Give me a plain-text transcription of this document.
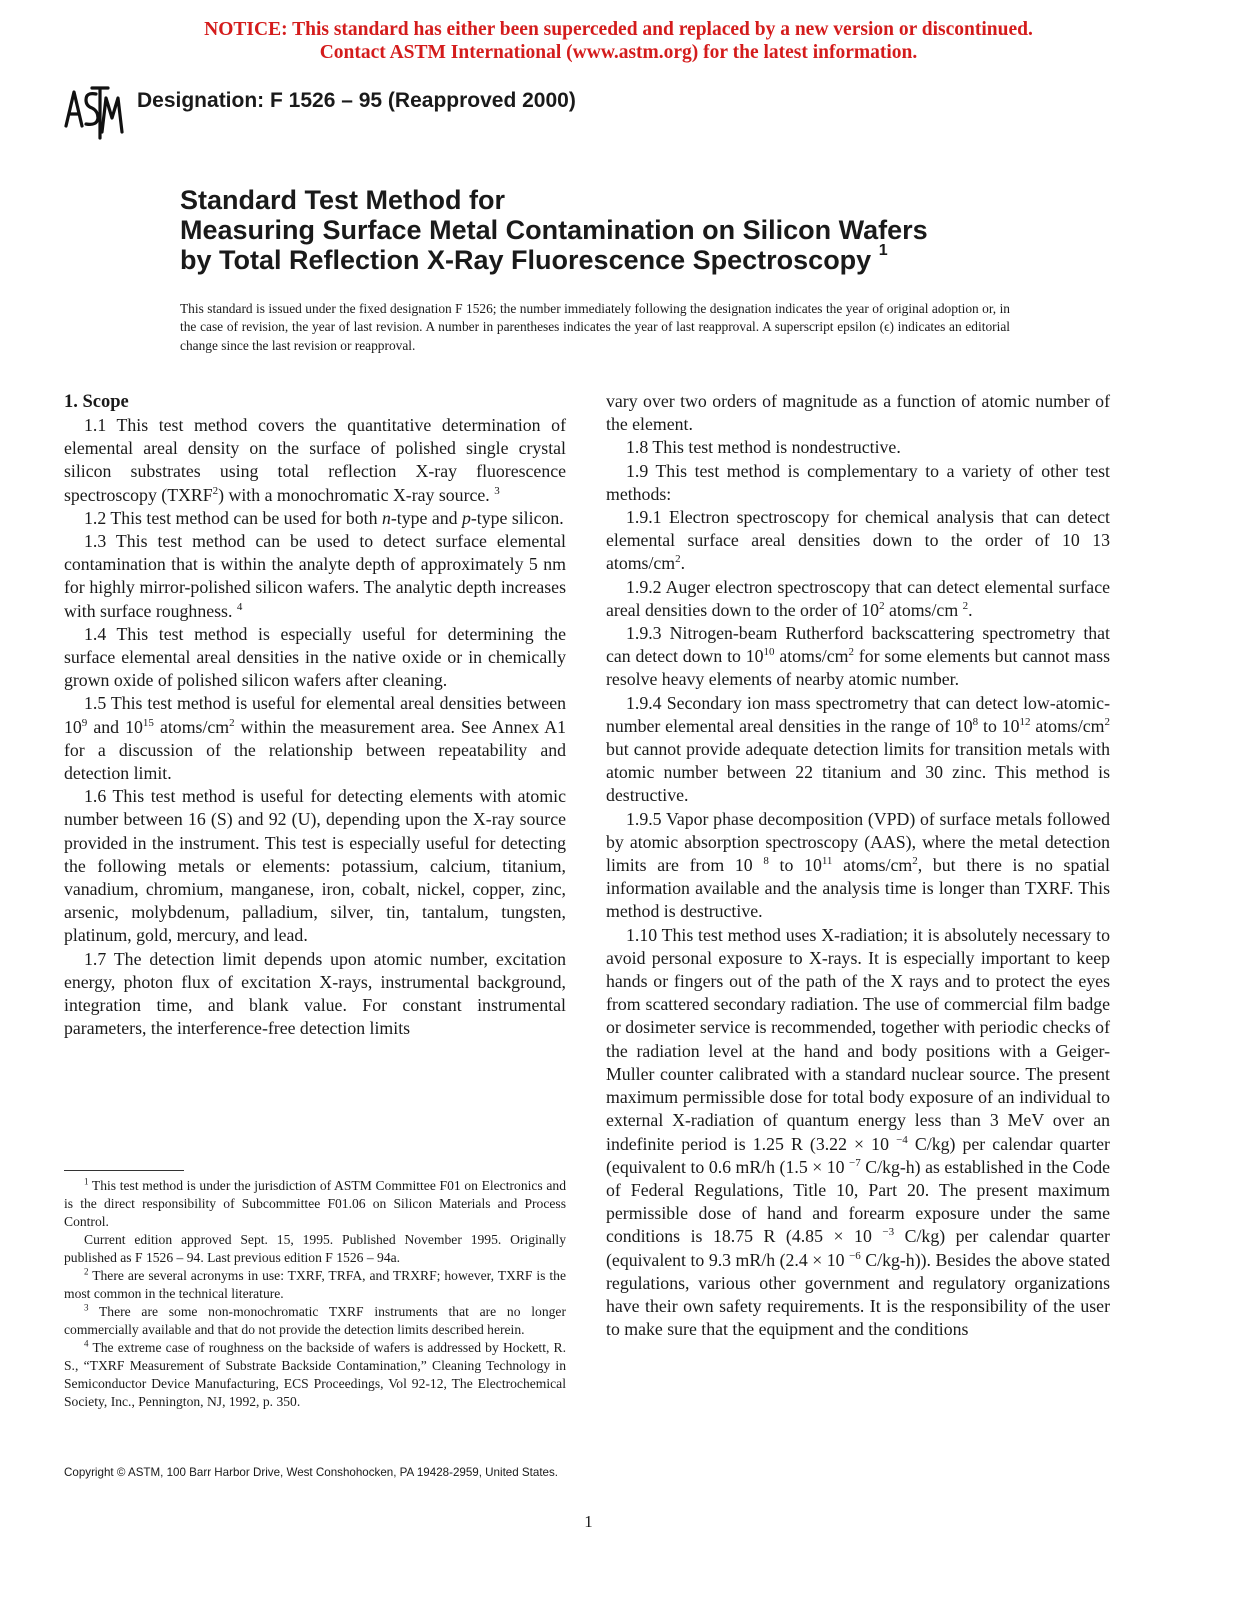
NOTICE: This standard has either been superceded and replaced by a new version or discontinued.
Contact ASTM International (www.astm.org) for the latest information.
Designation: F 1526 – 95 (Reapproved 2000)
Standard Test Method for
Measuring Surface Metal Contamination on Silicon Wafers
by Total Reflection X-Ray Fluorescence Spectroscopy $^1$
This standard is issued under the fixed designation F 1526; the number immediately following the designation indicates the year of original adoption or, in the case of revision, the year of last revision. A number in parentheses indicates the year of last reapproval. A superscript epsilon (ϵ) indicates an editorial change since the last revision or reapproval.
1. Scope

1.1 This test method covers the quantitative determination of elemental areal density on the surface of polished single crystal silicon substrates using total reflection X-ray fluorescence spectroscopy (TXRF$^2$) with a monochromatic X-ray source. $^3$

1.2 This test method can be used for both n-type and p-type silicon.

1.3 This test method can be used to detect surface elemental contamination that is within the analyte depth of approximately 5 nm for highly mirror-polished silicon wafers. The analytic depth increases with surface roughness. $^4$

1.4 This test method is especially useful for determining the surface elemental areal densities in the native oxide or in chemically grown oxide of polished silicon wafers after cleaning.

1.5 This test method is useful for elemental areal densities between $10^9$ and $10^{15}$ atoms/$cm^2$ within the measurement area. See Annex A1 for a discussion of the relationship between repeatability and detection limit.

1.6 This test method is useful for detecting elements with atomic number between 16 (S) and 92 (U), depending upon the X-ray source provided in the instrument. This test is especially useful for detecting the following metals or elements: potassium, calcium, titanium, vanadium, chromium, manganese, iron, cobalt, nickel, copper, zinc, arsenic, molybdenum, palladium, silver, tin, tantalum, tungsten, platinum, gold, mercury, and lead.

1.7 The detection limit depends upon atomic number, excitation energy, photon flux of excitation X-rays, instrumental background, integration time, and blank value. For constant instrumental parameters, the interference-free detection limits

$^1$ This test method is under the jurisdiction of ASTM Committee F01 on Electronics and is the direct responsibility of Subcommittee F01.06 on Silicon Materials and Process Control.

Current edition approved Sept. 15, 1995. Published November 1995. Originally published as F 1526 – 94. Last previous edition F 1526 – 94a.

$^2$ There are several acronyms in use: TXRF, TRFA, and TRXRF; however, TXRF is the most common in the technical literature.

$^3$ There are some non-monochromatic TXRF instruments that are no longer commercially available and that do not provide the detection limits described herein.

$^4$ The extreme case of roughness on the backside of wafers is addressed by Hockett, R. S., “TXRF Measurement of Substrate Backside Contamination,” Cleaning Technology in Semiconductor Device Manufacturing, ECS Proceedings, Vol 92-12, The Electrochemical Society, Inc., Pennington, NJ, 1992, p. 350.

vary over two orders of magnitude as a function of atomic number of the element.

1.8 This test method is nondestructive.

1.9 This test method is complementary to a variety of other test methods:

1.9.1 Electron spectroscopy for chemical analysis that can detect elemental surface areal densities down to the order of 10 13 atoms/$cm^2$.

1.9.2 Auger electron spectroscopy that can detect elemental surface areal densities down to the order of $10^2$ atoms/cm $^2$.

1.9.3 Nitrogen-beam Rutherford backscattering spectrometry that can detect down to $10^{10}$ atoms/$cm^2$ for some elements but cannot mass resolve heavy elements of nearby atomic number.

1.9.4 Secondary ion mass spectrometry that can detect low-atomic-number elemental areal densities in the range of $10^8$ to $10^{12}$ atoms/$cm^2$ but cannot provide adequate detection limits for transition metals with atomic number between 22 titanium and 30 zinc. This method is destructive.

1.9.5 Vapor phase decomposition (VPD) of surface metals followed by atomic absorption spectroscopy (AAS), where the metal detection limits are from 10 $^8$ to $10^{11}$ atoms/$cm^2$, but there is no spatial information available and the analysis time is longer than TXRF. This method is destructive.

1.10 This test method uses X-radiation; it is absolutely necessary to avoid personal exposure to X-rays. It is especially important to keep hands or fingers out of the path of the X rays and to protect the eyes from scattered secondary radiation. The use of commercial film badge or dosimeter service is recommended, together with periodic checks of the radiation level at the hand and body positions with a Geiger-Muller counter calibrated with a standard nuclear source. The present maximum permissible dose for total body exposure of an individual to external X-radiation of quantum energy less than 3 MeV over an indefinite period is 1.25 R (3.22 × 10 $^{-4}$ C/kg) per calendar quarter (equivalent to 0.6 mR/h (1.5 × 10 $^{-7}$ C/kg-h) as established in the Code of Federal Regulations, Title 10, Part 20. The present maximum permissible dose of hand and forearm exposure under the same conditions is 18.75 R (4.85 × 10 $^{-3}$ C/kg) per calendar quarter (equivalent to 9.3 mR/h (2.4 × 10 $^{-6}$ C/kg-h)). Besides the above stated regulations, various other government and regulatory organizations have their own safety requirements. It is the responsibility of the user to make sure that the equipment and the conditions

Copyright © ASTM, 100 Barr Harbor Drive, West Conshohocken, PA 19428-2959, United States.
1
